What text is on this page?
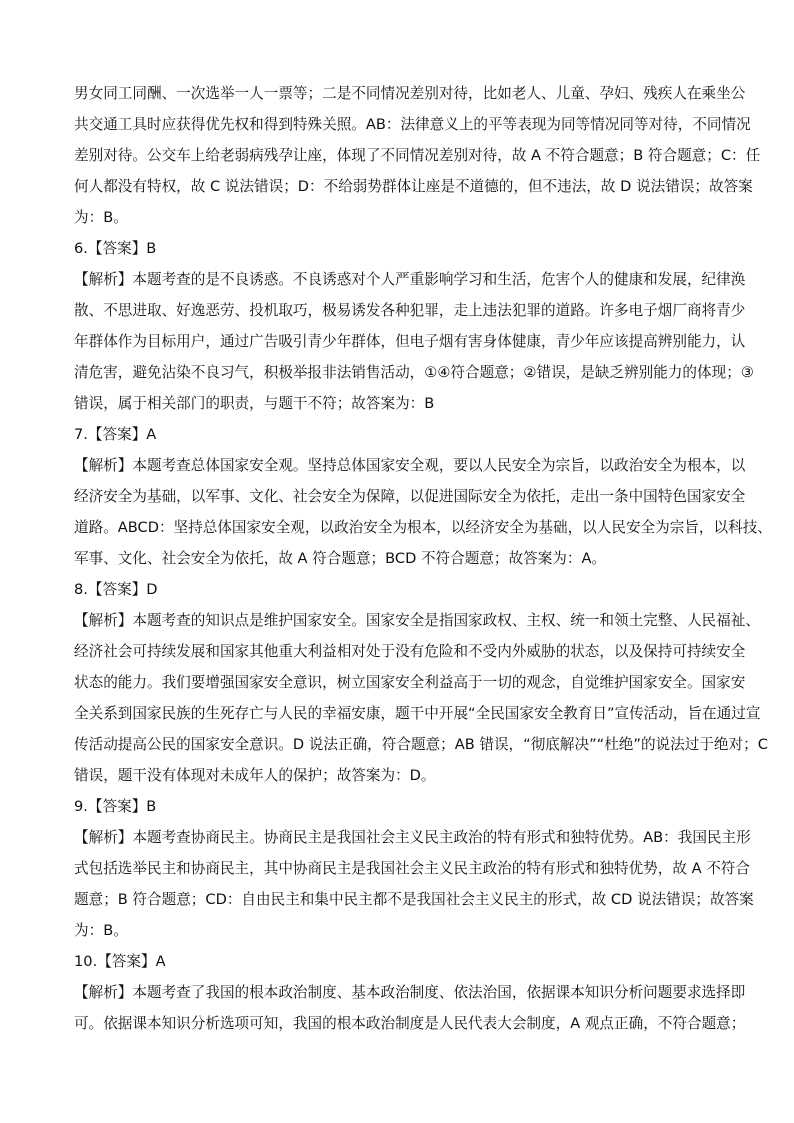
男女同工同酬、一次选举一人一票等；二是不同情况差别对待，比如老人、儿童、孕妇、残疾人在乘坐公

共交通工具时应获得优先权和得到特殊关照。AB：法律意义上的平等表现为同等情况同等对待，不同情况

差别对待。公交车上给老弱病残孕让座，体现了不同情况差别对待，故 A 不符合题意；B 符合题意；C：任

何人都没有特权，故 C 说法错误；D：不给弱势群体让座是不道德的，但不违法，故 D 说法错误；故答案

为：B。

6.【答案】B

【解析】本题考查的是不良诱惑。不良诱惑对个人严重影响学习和生活，危害个人的健康和发展，纪律涣

散、不思进取、好逸恶劳、投机取巧，极易诱发各种犯罪，走上违法犯罪的道路。许多电子烟厂商将青少

年群体作为目标用户，通过广告吸引青少年群体，但电子烟有害身体健康，青少年应该提高辨别能力，认

清危害，避免沾染不良习气，积极举报非法销售活动，①④符合题意；②错误，是缺乏辨别能力的体现；③

错误，属于相关部门的职责，与题干不符；故答案为：B

7.【答案】A

【解析】本题考查总体国家安全观。坚持总体国家安全观，要以人民安全为宗旨，以政治安全为根本，以

经济安全为基础，以军事、文化、社会安全为保障，以促进国际安全为依托，走出一条中国特色国家安全

道路。ABCD：坚持总体国家安全观，以政治安全为根本，以经济安全为基础，以人民安全为宗旨，以科技、

军事、文化、社会安全为依托，故 A 符合题意；BCD 不符合题意；故答案为：A。

8.【答案】D

【解析】本题考查的知识点是维护国家安全。国家安全是指国家政权、主权、统一和领土完整、人民福祉、

经济社会可持续发展和国家其他重大利益相对处于没有危险和不受内外威胁的状态，以及保持可持续安全

状态的能力。我们要增强国家安全意识，树立国家安全利益高于一切的观念，自觉维护国家安全。国家安

全关系到国家民族的生死存亡与人民的幸福安康，题干中开展“全民国家安全教育日”宣传活动，旨在通过宣

传活动提高公民的国家安全意识。D 说法正确，符合题意；AB 错误，“彻底解决”“杜绝”的说法过于绝对；C

错误，题干没有体现对未成年人的保护；故答案为：D。

9.【答案】B

【解析】本题考查协商民主。协商民主是我国社会主义民主政治的特有形式和独特优势。AB：我国民主形

式包括选举民主和协商民主，其中协商民主是我国社会主义民主政治的特有形式和独特优势，故 A 不符合

题意；B 符合题意；CD：自由民主和集中民主都不是我国社会主义民主的形式，故 CD 说法错误；故答案

为：B。

10.【答案】A

【解析】本题考查了我国的根本政治制度、基本政治制度、依法治国，依据课本知识分析问题要求选择即

可。依据课本知识分析选项可知，我国的根本政治制度是人民代表大会制度，A 观点正确，不符合题意；
